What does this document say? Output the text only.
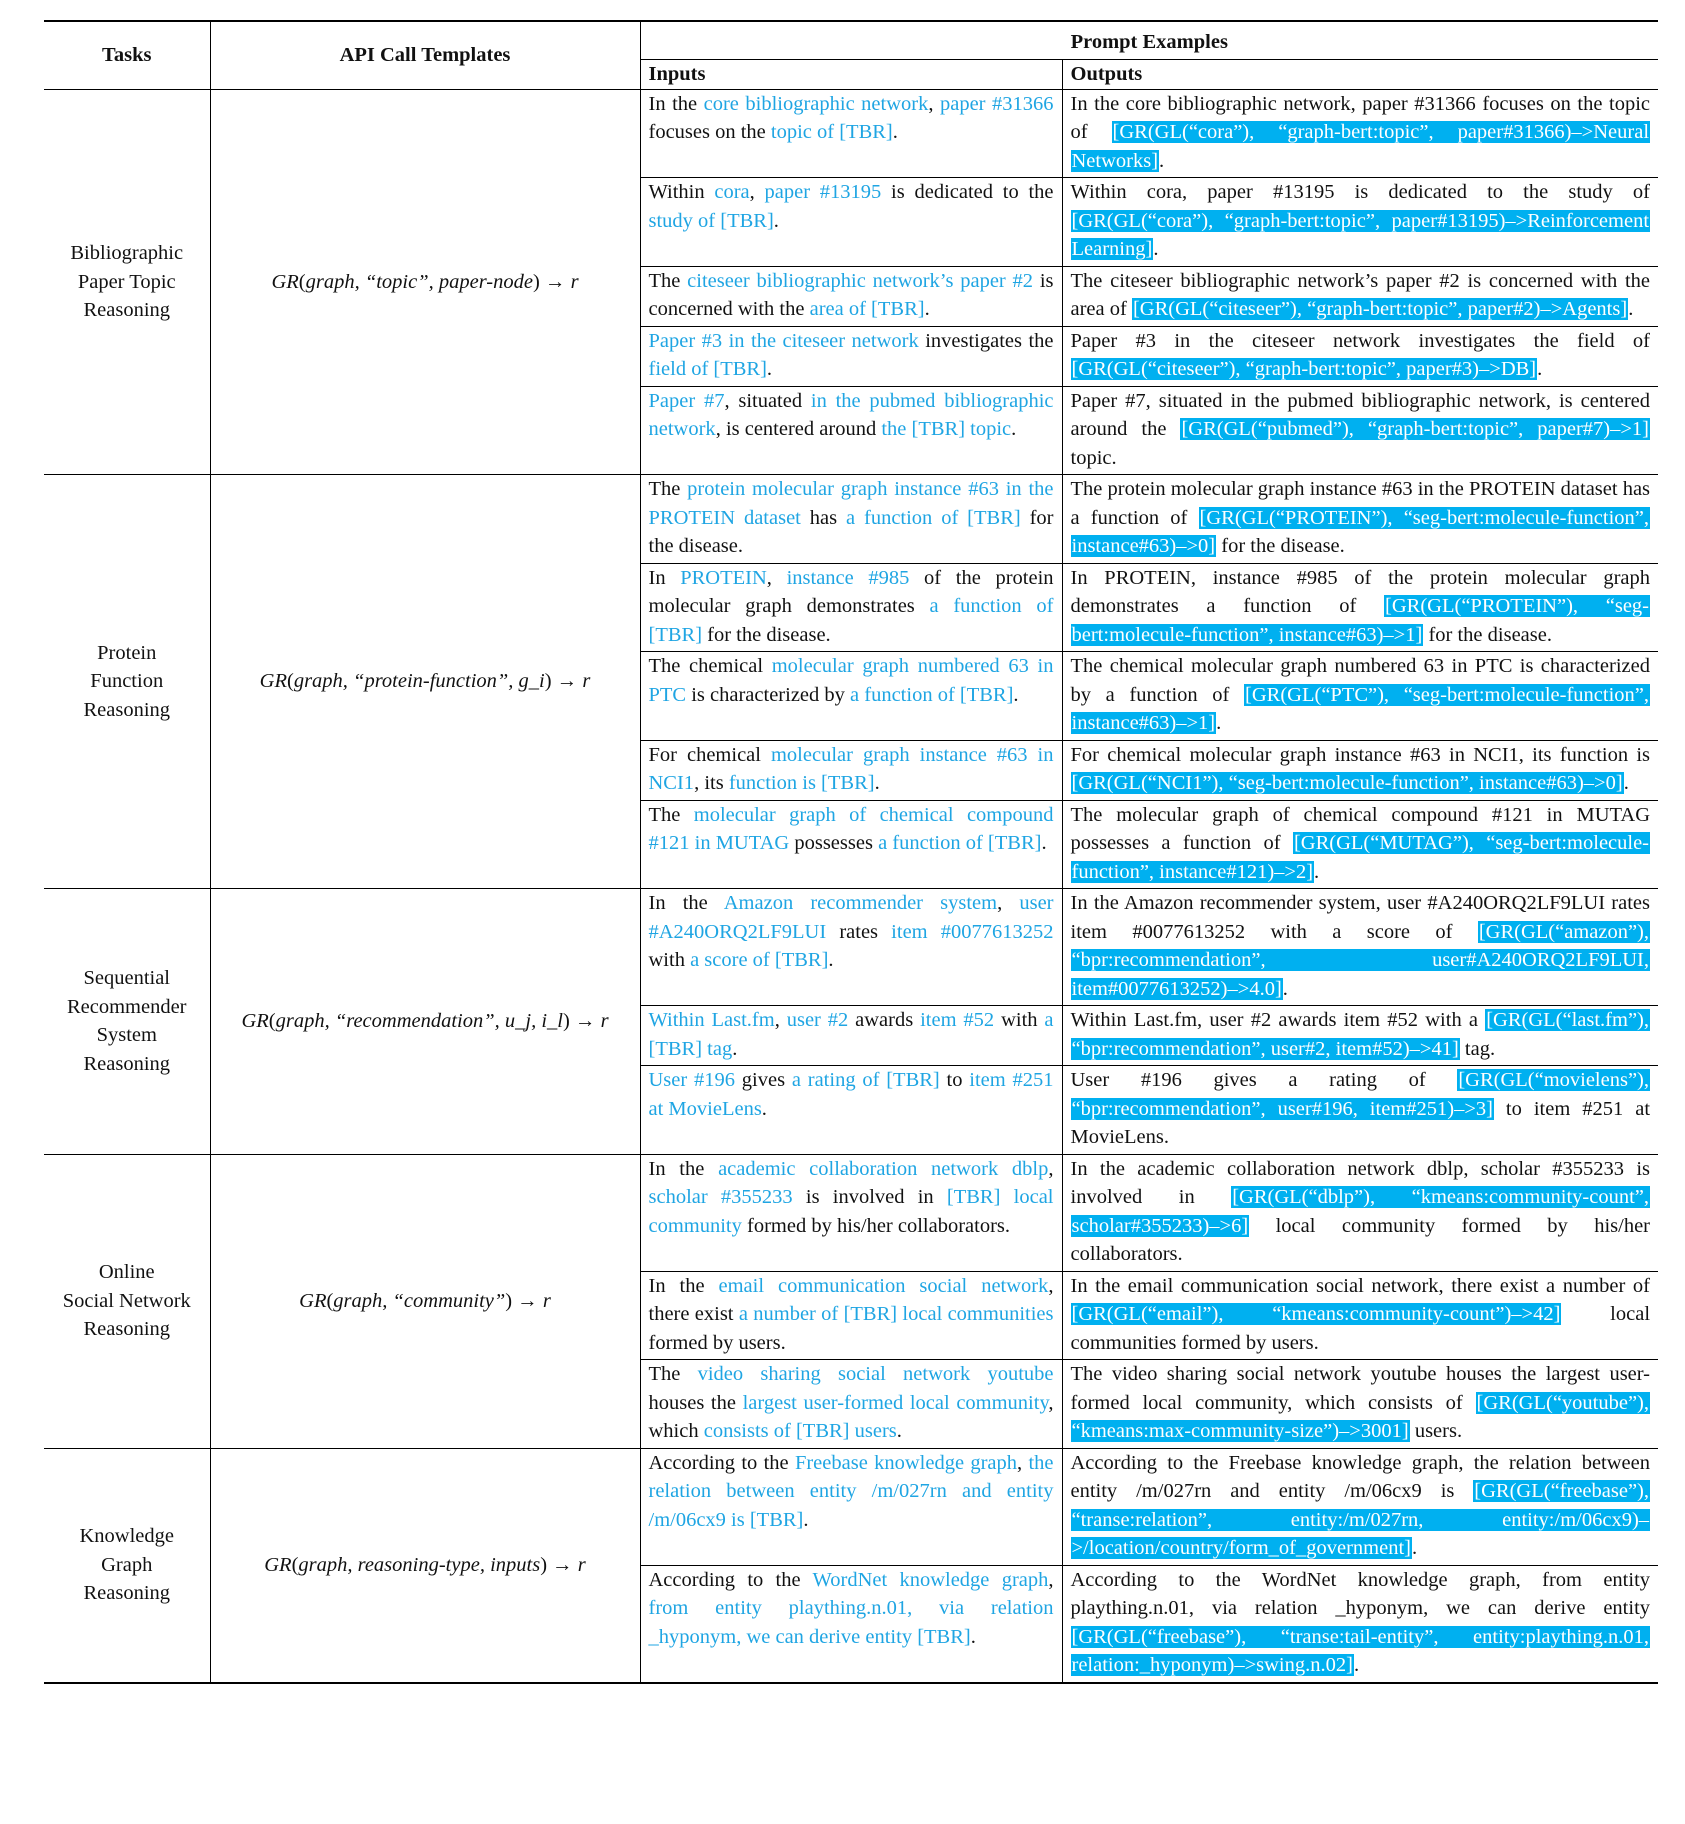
Tasks	API Call Templates	Prompt Examples	
		Inputs	Outputs

Bibliographic
Paper Topic
Reasoning	GR(graph, “topic”, paper-node) → r	In the core bibliographic network, paper #31366 focuses on the topic of [TBR].	In the core bibliographic network, paper #31366 focuses on the topic of [GR(GL(“cora”), “graph-bert:topic”, paper#31366)–>Neural Networks].
		Within cora, paper #13195 is dedicated to the study of [TBR].	Within cora, paper #13195 is dedicated to the study of [GR(GL(“cora”), “graph-bert:topic”, paper#13195)–>Reinforcement Learning].
		The citeseer bibliographic network’s paper #2 is concerned with the area of [TBR].	The citeseer bibliographic network’s paper #2 is concerned with the area of [GR(GL(“citeseer”), “graph-bert:topic”, paper#2)–>Agents].
		Paper #3 in the citeseer network investigates the field of [TBR].	Paper #3 in the citeseer network investigates the field of [GR(GL(“citeseer”), “graph-bert:topic”, paper#3)–>DB].
		Paper #7, situated in the pubmed bibliographic network, is centered around the [TBR] topic.	Paper #7, situated in the pubmed bibliographic network, is centered around the [GR(GL(“pubmed”), “graph-bert:topic”, paper#7)–>1] topic.

Protein
Function
Reasoning	GR(graph, “protein-function”, g_i) → r	The protein molecular graph instance #63 in the PROTEIN dataset has a function of [TBR] for the disease.	The protein molecular graph instance #63 in the PROTEIN dataset has a function of [GR(GL(“PROTEIN”), “seg-bert:molecule-function”, instance#63)–>0] for the disease.
		In PROTEIN, instance #985 of the protein molecular graph demonstrates a function of [TBR] for the disease.	In PROTEIN, instance #985 of the protein molecular graph demonstrates a function of [GR(GL(“PROTEIN”), “seg-bert:molecule-function”, instance#63)–>1] for the disease.
		The chemical molecular graph numbered 63 in PTC is characterized by a function of [TBR].	The chemical molecular graph numbered 63 in PTC is characterized by a function of [GR(GL(“PTC”), “seg-bert:molecule-function”, instance#63)–>1].
		For chemical molecular graph instance #63 in NCI1, its function is [TBR].	For chemical molecular graph instance #63 in NCI1, its function is [GR(GL(“NCI1”), “seg-bert:molecule-function”, instance#63)–>0].
		The molecular graph of chemical compound #121 in MUTAG possesses a function of [TBR].	The molecular graph of chemical compound #121 in MUTAG possesses a function of [GR(GL(“MUTAG”), “seg-bert:molecule-function”, instance#121)–>2].

Sequential
Recommender
System
Reasoning	GR(graph, “recommendation”, u_j, i_l) → r	In the Amazon recommender system, user #A240ORQ2LF9LUI rates item #0077613252 with a score of [TBR].	In the Amazon recommender system, user #A240ORQ2LF9LUI rates item #0077613252 with a score of [GR(GL(“amazon”), “bpr:recommendation”, user#A240ORQ2LF9LUI, item#0077613252)–>4.0].
		Within Last.fm, user #2 awards item #52 with a [TBR] tag.	Within Last.fm, user #2 awards item #52 with a [GR(GL(“last.fm”), “bpr:recommendation”, user#2, item#52)–>41] tag.
		User #196 gives a rating of [TBR] to item #251 at MovieLens.	User #196 gives a rating of [GR(GL(“movielens”), “bpr:recommendation”, user#196, item#251)–>3] to item #251 at MovieLens.

Online
Social Network
Reasoning	GR(graph, “community”) → r	In the academic collaboration network dblp, scholar #355233 is involved in [TBR] local community formed by his/her collaborators.	In the academic collaboration network dblp, scholar #355233 is involved in [GR(GL(“dblp”), “kmeans:community-count”, scholar#355233)–>6] local community formed by his/her collaborators.
		In the email communication social network, there exist a number of [TBR] local communities formed by users.	In the email communication social network, there exist a number of [GR(GL(“email”), “kmeans:community-count”)–>42] local communities formed by users.
		The video sharing social network youtube houses the largest user-formed local community, which consists of [TBR] users.	The video sharing social network youtube houses the largest user-formed local community, which consists of [GR(GL(“youtube”), “kmeans:max-community-size”)–>3001] users.

Knowledge
Graph
Reasoning
	GR(graph, reasoning-type, inputs) → r	According to the Freebase knowledge graph, the relation between entity /m/027rn and entity /m/06cx9 is [TBR].	According to the Freebase knowledge graph, the relation between entity /m/027rn and entity /m/06cx9 is [GR(GL(“freebase”), “transe:relation”, entity:/m/027rn, entity:/m/06cx9)–>/location/country/form_of_government].
		According to the WordNet knowledge graph, from entity plaything.n.01, via relation _hyponym, we can derive entity [TBR].	According to the WordNet knowledge graph, from entity plaything.n.01, via relation _hyponym, we can derive entity [GR(GL(“freebase”), “transe:tail-entity”, entity:plaything.n.01, relation:_hyponym)–>swing.n.02].
